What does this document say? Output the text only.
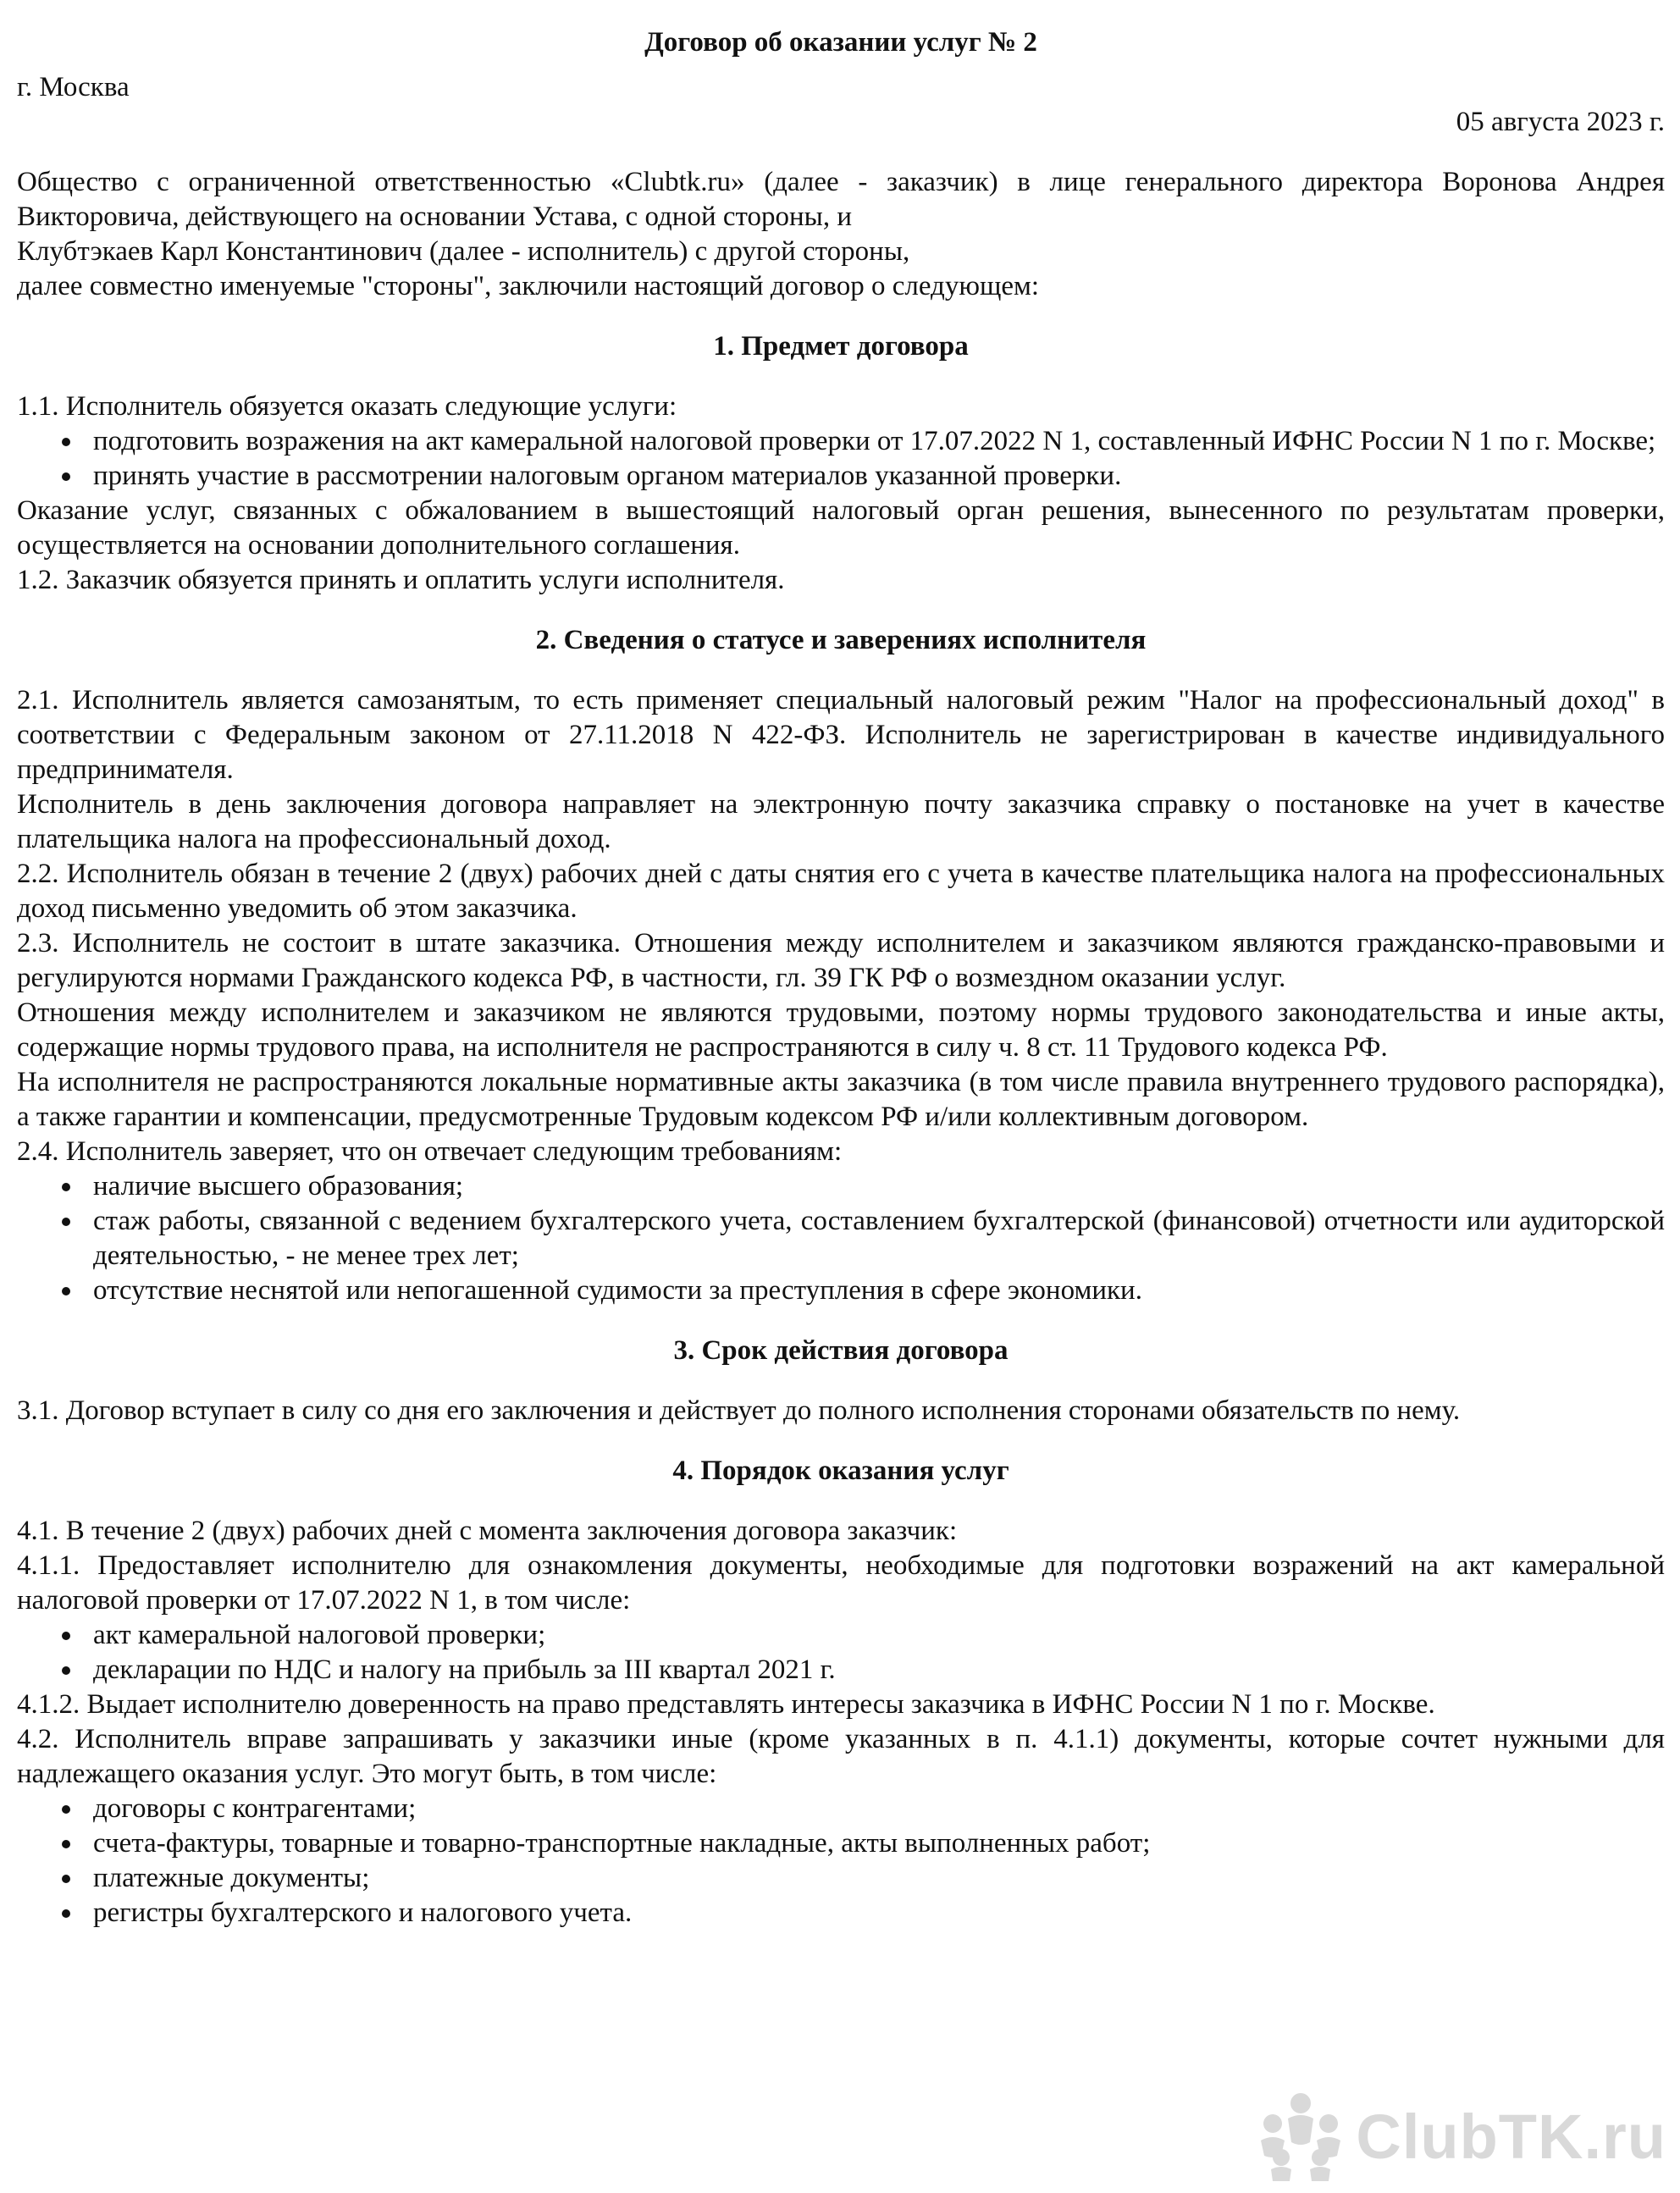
Договор об оказании услуг № 2
г. Москва
05 августа 2023 г.

Общество с ограниченной ответственностью «Clubtk.ru» (далее - заказчик) в лице генерального директора Воронова Андрея Викторовича, действующего на основании Устава, с одной стороны, и

Клубтэкаев Карл Константинович (далее - исполнитель) с другой стороны,

далее совместно именуемые "стороны", заключили настоящий договор о следующем:

1. Предмет договора

1.1. Исполнитель обязуется оказать следующие услуги:

подготовить возражения на акт камеральной налоговой проверки от 17.07.2022 N 1, составленный ИФНС России N 1 по г. Москве;
принять участие в рассмотрении налоговым органом материалов указанной проверки.

Оказание услуг, связанных с обжалованием в вышестоящий налоговый орган решения, вынесенного по результатам проверки, осуществляется на основании дополнительного соглашения.

1.2. Заказчик обязуется принять и оплатить услуги исполнителя.

2. Сведения о статусе и заверениях исполнителя

2.1. Исполнитель является самозанятым, то есть применяет специальный налоговый режим "Налог на профессиональный доход" в соответствии с Федеральным законом от 27.11.2018 N 422-ФЗ. Исполнитель не зарегистрирован в качестве индивидуального предпринимателя.

Исполнитель в день заключения договора направляет на электронную почту заказчика справку о постановке на учет в качестве плательщика налога на профессиональный доход.

2.2. Исполнитель обязан в течение 2 (двух) рабочих дней с даты снятия его с учета в качестве плательщика налога на профессиональных доход письменно уведомить об этом заказчика.

2.3. Исполнитель не состоит в штате заказчика. Отношения между исполнителем и заказчиком являются гражданско-правовыми и регулируются нормами Гражданского кодекса РФ, в частности, гл. 39 ГК РФ о возмездном оказании услуг.

Отношения между исполнителем и заказчиком не являются трудовыми, поэтому нормы трудового законодательства и иные акты, содержащие нормы трудового права, на исполнителя не распространяются в силу ч. 8 ст. 11 Трудового кодекса РФ.

На исполнителя не распространяются локальные нормативные акты заказчика (в том числе правила внутреннего трудового распорядка), а также гарантии и компенсации, предусмотренные Трудовым кодексом РФ и/или коллективным договором.

2.4. Исполнитель заверяет, что он отвечает следующим требованиям:

наличие высшего образования;
стаж работы, связанной с ведением бухгалтерского учета, составлением бухгалтерской (финансовой) отчетности или аудиторской деятельностью, - не менее трех лет;
отсутствие неснятой или непогашенной судимости за преступления в сфере экономики.
3. Срок действия договора

3.1. Договор вступает в силу со дня его заключения и действует до полного исполнения сторонами обязательств по нему.

4. Порядок оказания услуг

4.1. В течение 2 (двух) рабочих дней с момента заключения договора заказчик:

4.1.1. Предоставляет исполнителю для ознакомления документы, необходимые для подготовки возражений на акт камеральной налоговой проверки от 17.07.2022 N 1, в том числе:

акт камеральной налоговой проверки;
декларации по НДС и налогу на прибыль за III квартал 2021 г.

4.1.2. Выдает исполнителю доверенность на право представлять интересы заказчика в ИФНС России N 1 по г. Москве.

4.2. Исполнитель вправе запрашивать у заказчики иные (кроме указанных в п. 4.1.1) документы, которые сочтет нужными для надлежащего оказания услуг. Это могут быть, в том числе:

договоры с контрагентами;
счета-фактуры, товарные и товарно-транспортные накладные, акты выполненных работ;
платежные документы;
регистры бухгалтерского и налогового учета.
ClubTK.ru
